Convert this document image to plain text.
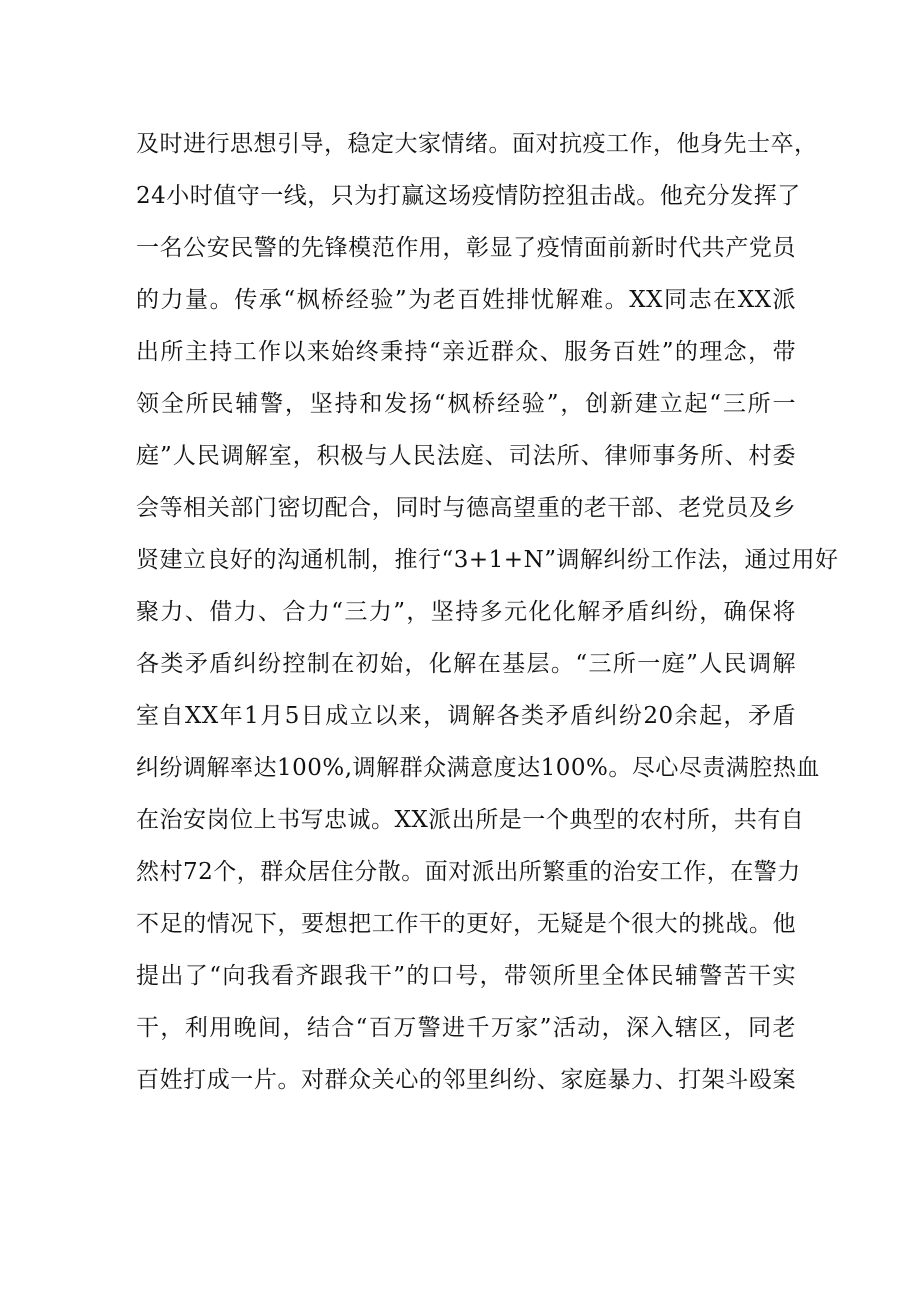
及时进行思想引导，稳定大家情绪。面对抗疫工作，他身先士卒，
24小时值守一线，只为打赢这场疫情防控狙击战。他充分发挥了
一名公安民警的先锋模范作用，彰显了疫情面前新时代共产党员
的力量。传承“枫桥经验”为老百姓排忧解难。XX同志在XX派
出所主持工作以来始终秉持“亲近群众、服务百姓”的理念，带
领全所民辅警，坚持和发扬“枫桥经验”，创新建立起“三所一
庭”人民调解室，积极与人民法庭、司法所、律师事务所、村委
会等相关部门密切配合，同时与德高望重的老干部、老党员及乡
贤建立良好的沟通机制，推行“3+1+N”调解纠纷工作法，通过用好
聚力、借力、合力“三力”，坚持多元化化解矛盾纠纷，确保将
各类矛盾纠纷控制在初始，化解在基层。“三所一庭”人民调解
室自XX年1月5日成立以来，调解各类矛盾纠纷20余起，矛盾
纠纷调解率达100%,调解群众满意度达100%。尽心尽责满腔热血
在治安岗位上书写忠诚。XX派出所是一个典型的农村所，共有自
然村72个，群众居住分散。面对派出所繁重的治安工作，在警力
不足的情况下，要想把工作干的更好，无疑是个很大的挑战。他
提出了“向我看齐跟我干”的口号，带领所里全体民辅警苦干实
干，利用晚间，结合“百万警进千万家”活动，深入辖区，同老
百姓打成一片。对群众关心的邻里纠纷、家庭暴力、打架斗殴案
